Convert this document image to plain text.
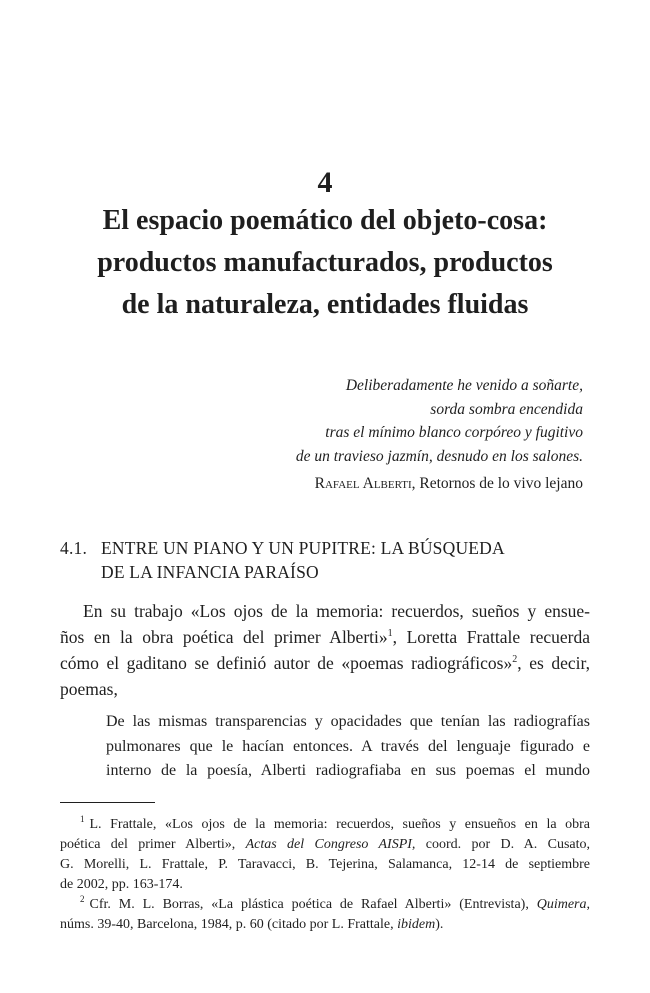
4
El espacio poemático del objeto-cosa:
productos manufacturados, productos
de la naturaleza, entidades fluidas
Deliberadamente he venido a soñarte,
sorda sombra encendida
tras el mínimo blanco corpóreo y fugitivo
de un travieso jazmín, desnudo en los salones.
Rafael Alberti, Retornos de lo vivo lejano
4.1. ENTRE UN PIANO Y UN PUPITRE: LA BÚSQUEDA
DE LA INFANCIA PARAÍSO
En su trabajo «Los ojos de la memoria: recuerdos, sueños y ensue-
ños en la obra poética del primer Alberti»$^1$, Loretta Frattale recuerda
cómo el gaditano se definió autor de «poemas radiográficos»$^2$, es decir,
poemas,
De las mismas transparencias y opacidades que tenían las radiografías
pulmonares que le hacían entonces. A través del lenguaje figurado e
interno de la poesía, Alberti radiografiaba en sus poemas el mundo
$^1$ L. Frattale, «Los ojos de la memoria: recuerdos, sueños y ensueños en la obra
poética del primer Alberti», Actas del Congreso AISPI, coord. por D. A. Cusato,
G. Morelli, L. Frattale, P. Taravacci, B. Tejerina, Salamanca, 12-14 de septiembre
de 2002, pp. 163-174.
$^2$ Cfr. M. L. Borras, «La plástica poética de Rafael Alberti» (Entrevista), Quimera,
núms. 39-40, Barcelona, 1984, p. 60 (citado por L. Frattale, ibidem).
